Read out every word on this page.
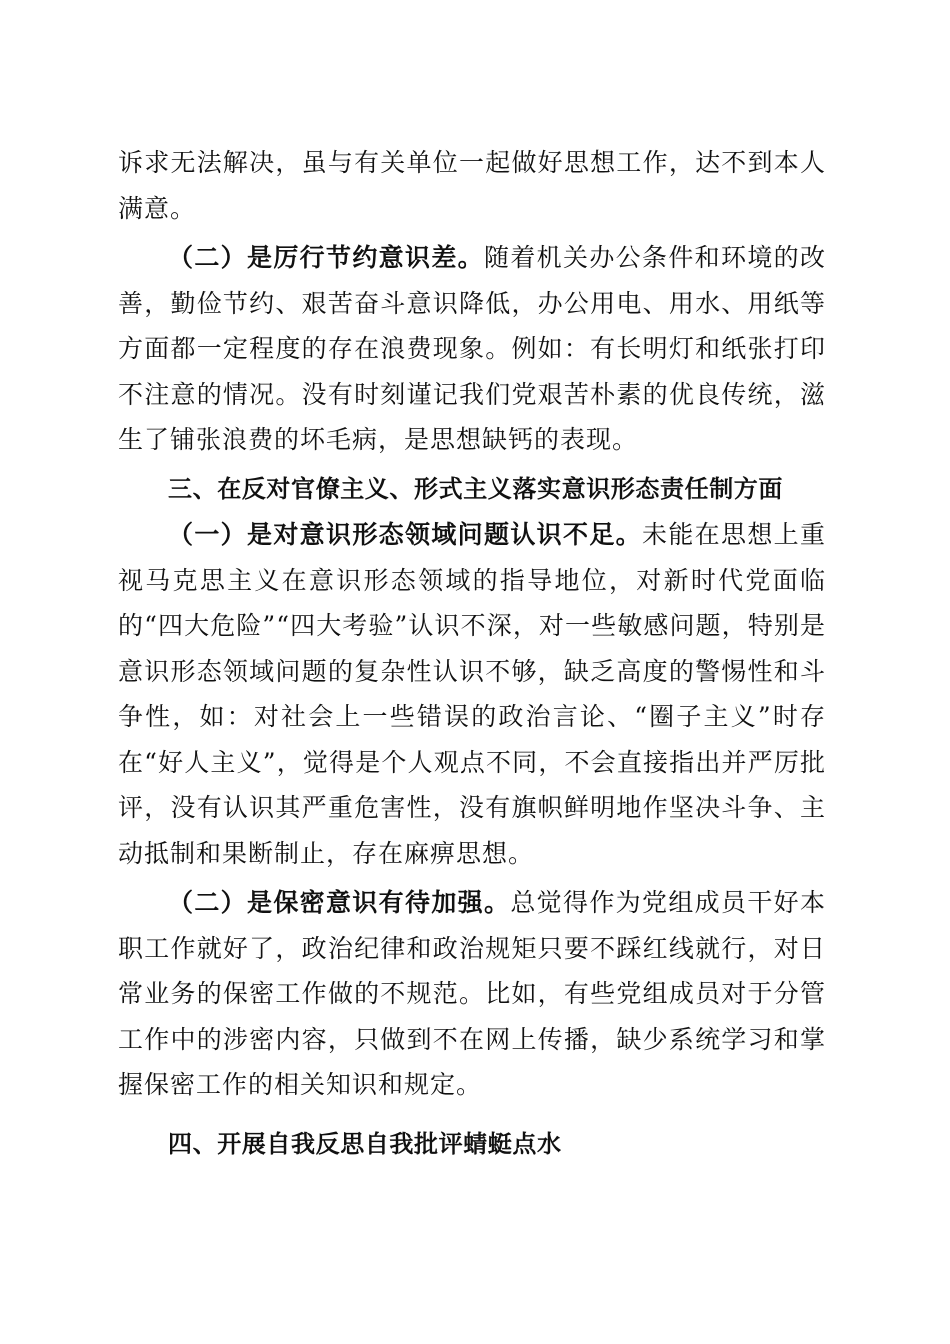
诉求无法解决，虽与有关单位一起做好思想工作，达不到本人满意。

（二）是厉行节约意识差。随着机关办公条件和环境的改善，勤俭节约、艰苦奋斗意识降低，办公用电、用水、用纸等方面都一定程度的存在浪费现象。例如：有长明灯和纸张打印不注意的情况。没有时刻谨记我们党艰苦朴素的优良传统，滋生了铺张浪费的坏毛病，是思想缺钙的表现。

三、在反对官僚主义、形式主义落实意识形态责任制方面

（一）是对意识形态领域问题认识不足。未能在思想上重视马克思主义在意识形态领域的指导地位，对新时代党面临的“四大危险”“四大考验”认识不深，对一些敏感问题，特别是意识形态领域问题的复杂性认识不够，缺乏高度的警惕性和斗争性，如：对社会上一些错误的政治言论、“圈子主义”时存在“好人主义”，觉得是个人观点不同，不会直接指出并严厉批评，没有认识其严重危害性，没有旗帜鲜明地作坚决斗争、主动抵制和果断制止，存在麻痹思想。

（二）是保密意识有待加强。总觉得作为党组成员干好本职工作就好了，政治纪律和政治规矩只要不踩红线就行，对日常业务的保密工作做的不规范。比如，有些党组成员对于分管工作中的涉密内容，只做到不在网上传播，缺少系统学习和掌握保密工作的相关知识和规定。

四、开展自我反思自我批评蜻蜓点水
